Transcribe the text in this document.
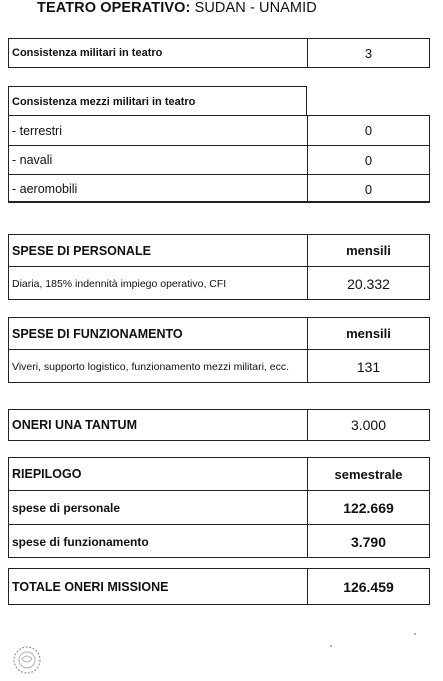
TEATRO OPERATIVO: SUDAN - UNAMID
Consistenza militari in teatro	3
Consistenza mezzi militari in teatro
- terrestri	0
- navali	0
- aeromobili	0
SPESE DI PERSONALE	mensili
Diaria, 185% indennità impiego operativo, CFI	20.332
SPESE DI FUNZIONAMENTO	mensili
Viveri, supporto logistico, funzionamento mezzi militari, ecc.	131
ONERI UNA TANTUM	3.000
RIEPILOGO	semestrale
spese di personale	122.669
spese di funzionamento	3.790
TOTALE ONERI MISSIONE	126.459
